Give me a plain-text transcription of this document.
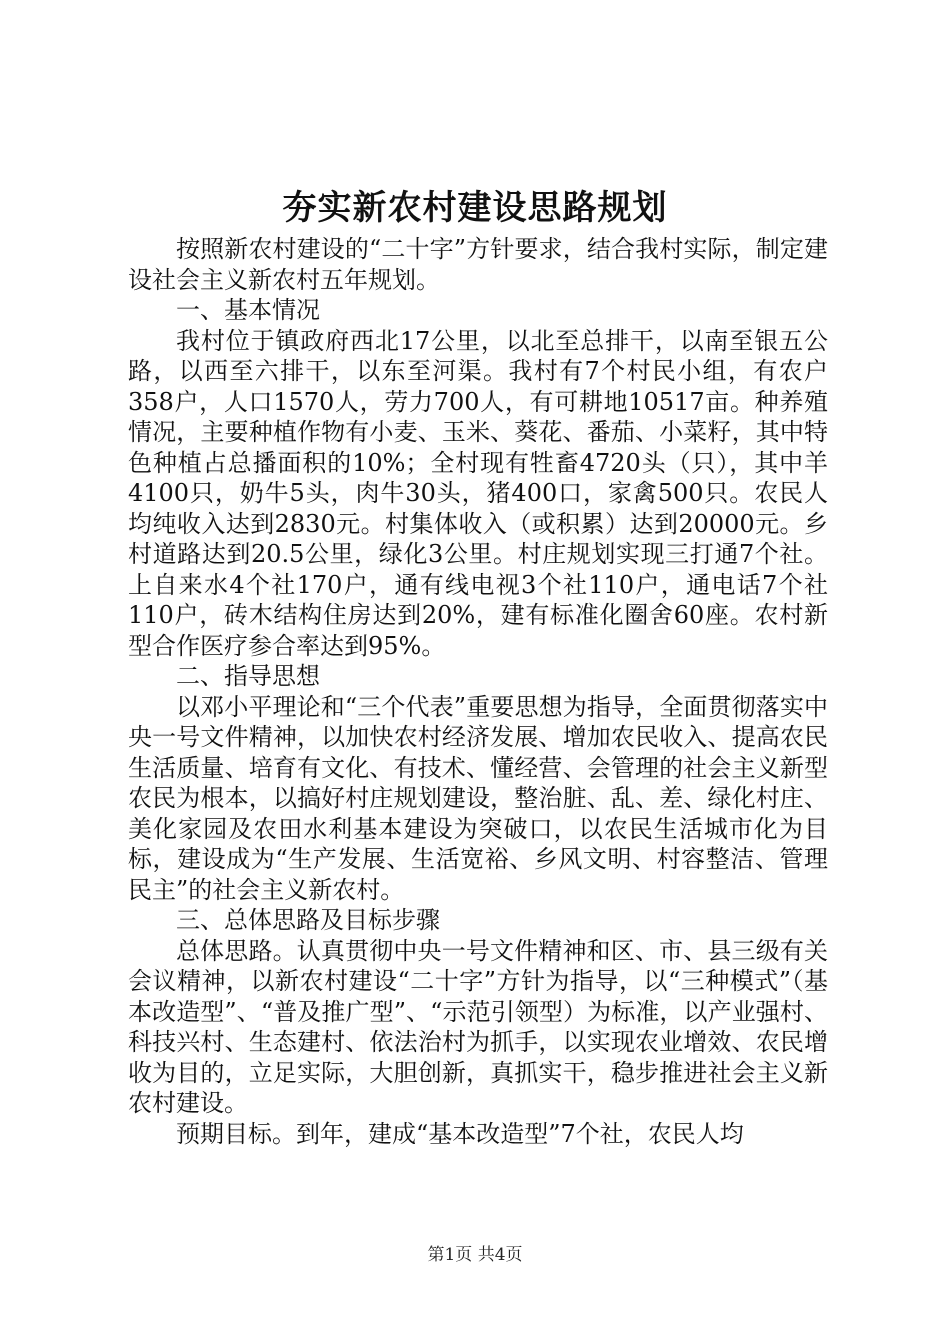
夯实新农村建设思路规划

按照新农村建设的“二十字”方针要求，结合我村实际，制定建设社会主义新农村五年规划。

一、基本情况

我村位于镇政府西北17公里，以北至总排干，以南至银五公路，以西至六排干，以东至河渠。我村有7个村民小组，有农户358户，人口1570人，劳力700人，有可耕地10517亩。种养殖情况，主要种植作物有小麦、玉米、葵花、番茄、小菜籽，其中特色种植占总播面积的10%；全村现有牲畜4720头（只），其中羊4100只，奶牛5头，肉牛30头，猪400口，家禽500只。农民人均纯收入达到2830元。村集体收入（或积累）达到20000元。乡村道路达到20.5公里，绿化3公里。村庄规划实现三打通7个社。上自来水4个社170户，通有线电视3个社110户，通电话7个社110户，砖木结构住房达到20%，建有标准化圈舍60座。农村新型合作医疗参合率达到95%。

二、指导思想

以邓小平理论和“三个代表”重要思想为指导，全面贯彻落实中央一号文件精神，以加快农村经济发展、增加农民收入、提高农民生活质量、培育有文化、有技术、懂经营、会管理的社会主义新型农民为根本，以搞好村庄规划建设，整治脏、乱、差、绿化村庄、美化家园及农田水利基本建设为突破口，以农民生活城市化为目标，建设成为“生产发展、生活宽裕、乡风文明、村容整洁、管理民主”的社会主义新农村。

三、总体思路及目标步骤

总体思路。认真贯彻中央一号文件精神和区、市、县三级有关会议精神，以新农村建设“二十字”方针为指导，以“三种模式”（基本改造型”、“普及推广型”、“示范引领型）为标准，以产业强村、科技兴村、生态建村、依法治村为抓手，以实现农业增效、农民增收为目的，立足实际，大胆创新，真抓实干，稳步推进社会主义新农村建设。

预期目标。到年，建成“基本改造型”7个社，农民人均

第1页 共4页
